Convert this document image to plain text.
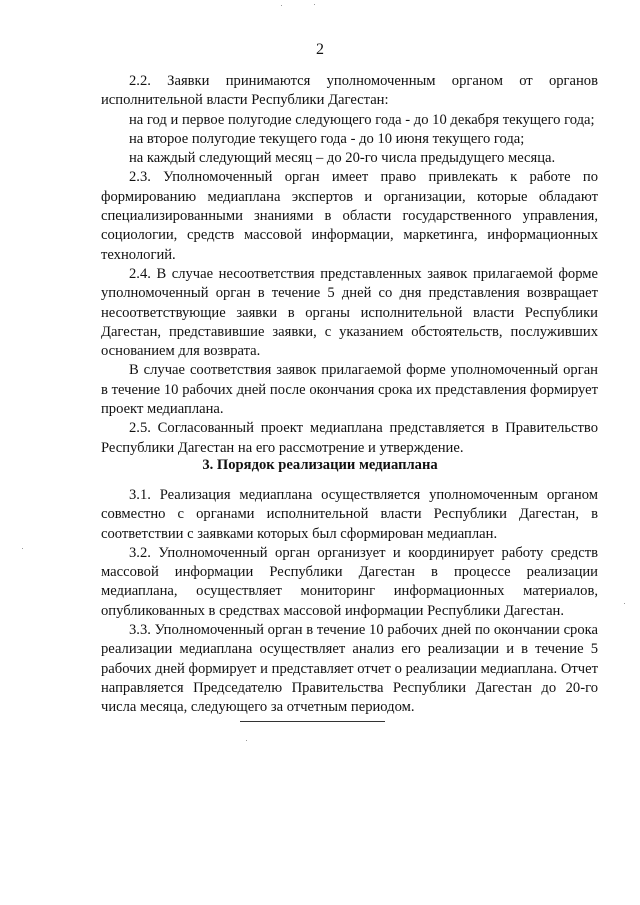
2

2.2. Заявки принимаются уполномоченным органом от органов исполнительной власти Республики Дагестан:

на год и первое полугодие следующего года - до 10 декабря текущего года;

на второе полугодие текущего года - до 10 июня текущего года;

на каждый следующий месяц – до 20-го числа предыдущего месяца.

2.3. Уполномоченный орган имеет право привлекать к работе по формированию медиаплана экспертов и организации, которые обладают специализированными знаниями в области государственного управления, социологии, средств массовой информации, маркетинга, информационных технологий.

2.4. В случае несоответствия представленных заявок прилагаемой форме уполномоченный орган в течение 5 дней со дня представления возвращает несоответствующие заявки в органы исполнительной власти Республики Дагестан, представившие заявки, с указанием обстоятельств, послуживших основанием для возврата.

В случае соответствия заявок прилагаемой форме уполномоченный орган в течение 10 рабочих дней после окончания срока их представления формирует проект медиаплана.

2.5. Согласованный проект медиаплана представляется в Правительство Республики Дагестан на его рассмотрение и утверждение.

3. Порядок реализации медиаплана

3.1. Реализация медиаплана осуществляется уполномоченным органом совместно с органами исполнительной власти Республики Дагестан, в соответствии с заявками которых был сформирован медиаплан.

3.2. Уполномоченный орган организует и координирует работу средств массовой информации Республики Дагестан в процессе реализации медиаплана, осуществляет мониторинг информационных материалов, опубликованных в средствах массовой информации Республики Дагестан.

3.3. Уполномоченный орган в течение 10 рабочих дней по окончании срока реализации медиаплана осуществляет анализ его реализации и в течение 5 рабочих дней формирует и представляет отчет о реализации медиаплана. Отчет направляется Председателю Правительства Республики Дагестан до 20-го числа месяца, следующего за отчетным периодом.
